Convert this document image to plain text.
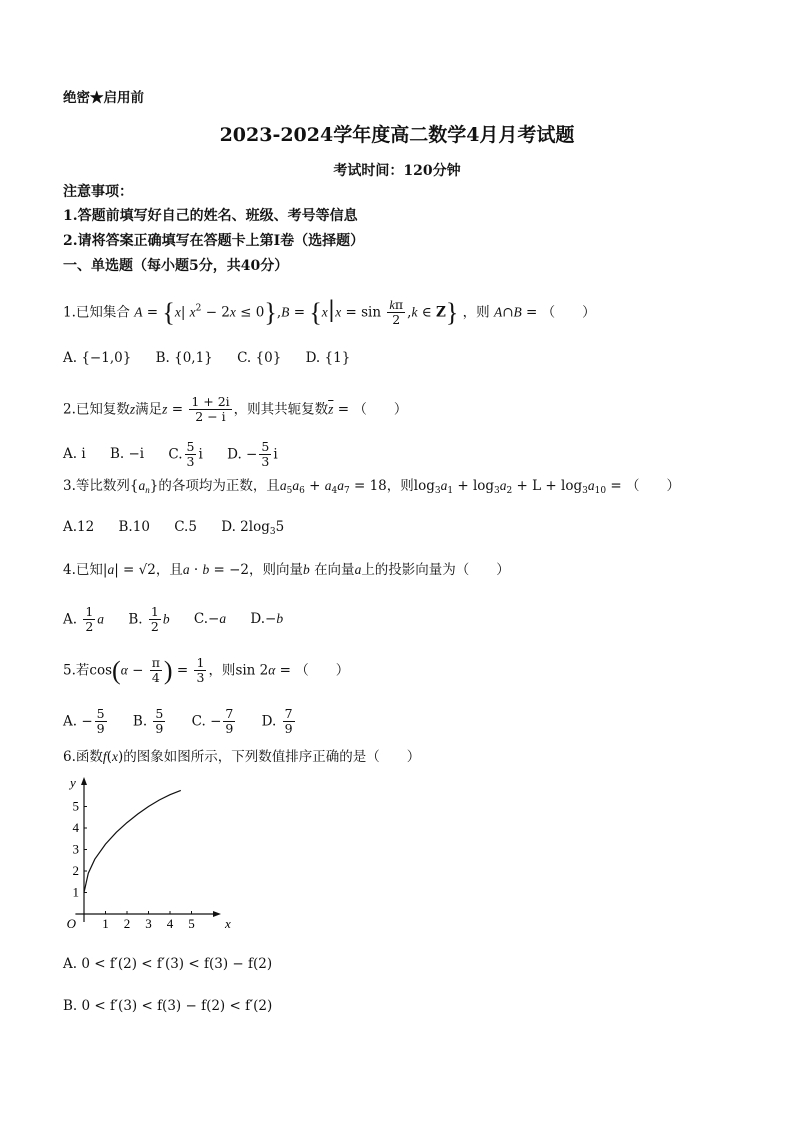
绝密★启用前
2023-2024学年度高二数学4月月考试题
考试时间：120分钟
注意事项：
1.答题前填写好自己的姓名、班级、考号等信息
2.请将答案正确填写在答题卡上第I卷（选择题）
一、单选题（每小题5分，共40分）
1.已知集合 A = {x| $x^2 - 2x \le 0\},B = \{x|x = \sin \frac{k\pi}{2} ,k$ ∈ Z} ，则 A∩B = （　　）
A. {−1,0} B. {0,1} C. {0} D. {1}
2.已知复数z满足$z = \frac{1 + 2i}{2 - i}$ ，则其共轭复数$\overline{z}$ = （　　）
A. i B. −i C. $\frac{5}{3}$ i D. − $\frac{5}{3}$ i
3.等比数列$\{a_n\}$的各项均为正数，且$a_5a_6 + a_4a_7 = 18$，则$\log_3a_1 + \log_3a_2 + L + \log_3a_{10}$ = （　　）
A.12 B.10 C.5 D. $2\log_35$
4.已知|a| = √2，且a · b = −2，则向量b 在向量a上的投影向量为（　　）
A. $\frac{1}{2}$ a B. $\frac{1}{2}$ b C.−a D.−b
5.若$\cos(\alpha - \frac{\pi}{4}$ ) = $\frac{1}{3}$ ，则sin 2α = （　　）
A. − $\frac{5}{9} B$. $\frac{5}{9} C$. − $\frac{7}{9} D$. $\frac{7}{9}$
6.函数f(x)的图象如图所示，下列数值排序正确的是（　　）
1 2 3 4 5
1
2
3
4
5
O	x
y
A. 0 < f′(2) < f′(3) < f(3) − f(2)
B. 0 < f′(3) < f(3) − f(2) < f′(2)
